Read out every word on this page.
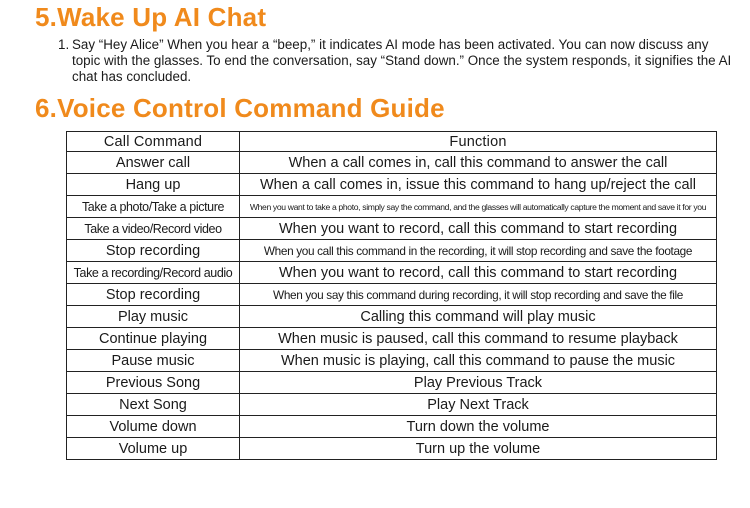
5.Wake Up AI Chat
1. Say “Hey Alice” When you hear a “beep,” it indicates AI mode has been activated. You can now discuss any topic with the glasses. To end the conversation, say “Stand down.” Once the system responds, it signifies the AI chat has concluded.
6.Voice Control Command Guide
Call Command	Function
Answer call	When a call comes in, call this command to answer the call
Hang up	When a call comes in, issue this command to hang up/reject the call
Take a photo/Take a picture	When you want to take a photo, simply say the command, and the glasses will automatically capture the moment and save it for you
Take a video/Record video	When you want to record, call this command to start recording
Stop recording	When you call this command in the recording, it will stop recording and save the footage
Take a recording/Record audio	When you want to record, call this command to start recording
Stop recording	When you say this command during recording, it will stop recording and save the file
Play music	Calling this command will play music
Continue playing	When music is paused, call this command to resume playback
Pause music	When music is playing, call this command to pause the music
Previous Song	Play Previous Track
Next Song	Play Next Track
Volume down	Turn down the volume
Volume up	Turn up the volume
